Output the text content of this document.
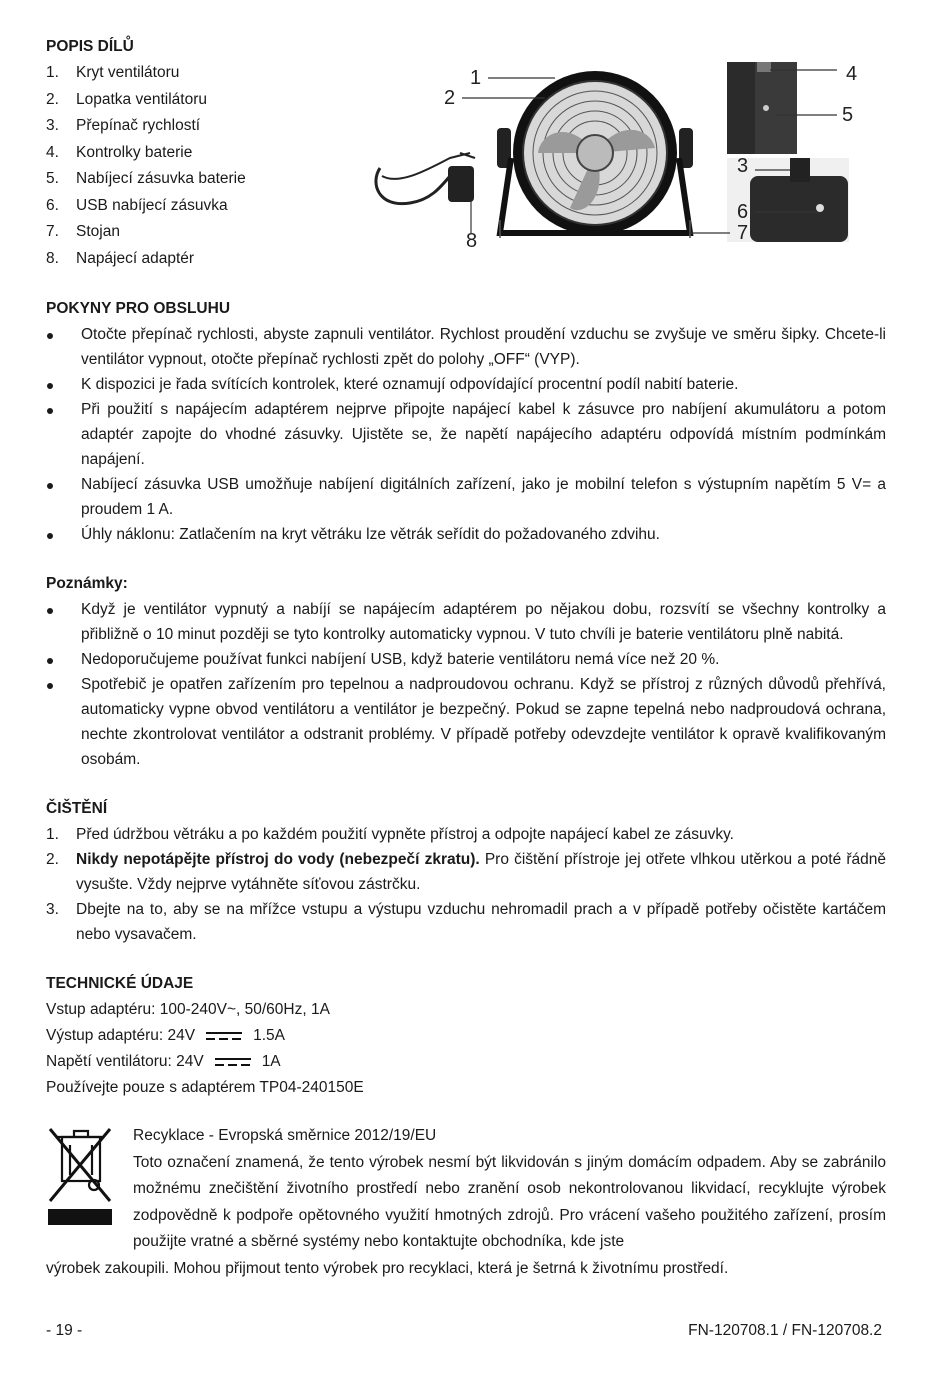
POPIS DÍLŮ
1.	Kryt ventilátoru
2.	Lopatka ventilátoru
3.	Přepínač rychlostí
4.	Kontrolky baterie
5.	Nabíjecí zásuvka baterie
6.	USB nabíjecí zásuvka
7.	Stojan
8.	Napájecí adaptér
POKYNY PRO OBSLUHU
Otočte přepínač rychlosti, abyste zapnuli ventilátor. Rychlost proudění vzduchu se zvyšuje ve směru šipky. Chcete-li ventilátor vypnout, otočte přepínač rychlosti zpět do polohy „OFF“ (VYP).
K dispozici je řada svítících kontrolek, které oznamují odpovídající procentní podíl nabití baterie.
Při použití s napájecím adaptérem nejprve připojte napájecí kabel k zásuvce pro nabíjení akumulátoru a potom adaptér zapojte do vhodné zásuvky. Ujistěte se, že napětí napájecího adaptéru odpovídá místním podmínkám napájení.
Nabíjecí zásuvka USB umožňuje nabíjení digitálních zařízení, jako je mobilní telefon s výstupním napětím 5 V= a proudem 1 A.
Úhly náklonu: Zatlačením na kryt větráku lze větrák seřídit do požadovaného zdvihu.
Poznámky:
Když je ventilátor vypnutý a nabíjí se napájecím adaptérem po nějakou dobu, rozsvítí se všechny kontrolky a přibližně o 10 minut později se tyto kontrolky automaticky vypnou. V tuto chvíli je baterie ventilátoru plně nabitá.
Nedoporučujeme používat funkci nabíjení USB, když baterie ventilátoru nemá více než 20 %.
Spotřebič je opatřen zařízením pro tepelnou a nadproudovou ochranu. Když se přístroj z různých důvodů přehřívá, automaticky vypne obvod ventilátoru a ventilátor je bezpečný. Pokud se zapne tepelná nebo nadproudová ochrana, nechte zkontrolovat ventilátor a odstranit problémy. V případě potřeby odevzdejte ventilátor k opravě kvalifikovaným osobám.
ČIŠTĚNÍ
1.	Před údržbou větráku a po každém použití vypněte přístroj a odpojte napájecí kabel ze zásuvky.
2.	Nikdy nepotápějte přístroj do vody (nebezpečí zkratu). Pro čištění přístroje jej otřete vlhkou utěrkou a poté řádně vysušte. Vždy nejprve vytáhněte síťovou zástrčku.
3.	Dbejte na to, aby se na mřížce vstupu a výstupu vzduchu nehromadil prach a v případě potřeby očistěte kartáčem nebo vysavačem.
TECHNICKÉ ÚDAJE
Vstup adaptéru: 100-240V~, 50/60Hz, 1A
Výstup adaptéru: 24V	1.5A
Napětí ventilátoru: 24V	1A
Používejte pouze s adaptérem TP04-240150E
Recyklace - Evropská směrnice 2012/19/EU
Toto označení znamená, že tento výrobek nesmí být likvidován s jiným domácím odpadem. Aby se zabránilo možnému znečištění životního prostředí nebo zranění osob nekontrolovanou likvidací, recyklujte výrobek zodpovědně k podpoře opětovného využití hmotných zdrojů. Pro vrácení vašeho použitého zařízení, prosím použijte vratné a sběrné systémy nebo kontaktujte obchodníka, kde jste
výrobek zakoupili. Mohou přijmout tento výrobek pro recyklaci, která je šetrná k životnímu prostředí.
1
2
3
4
5
6
7
8
- 19 -	FN-120708.1 / FN-120708.2
